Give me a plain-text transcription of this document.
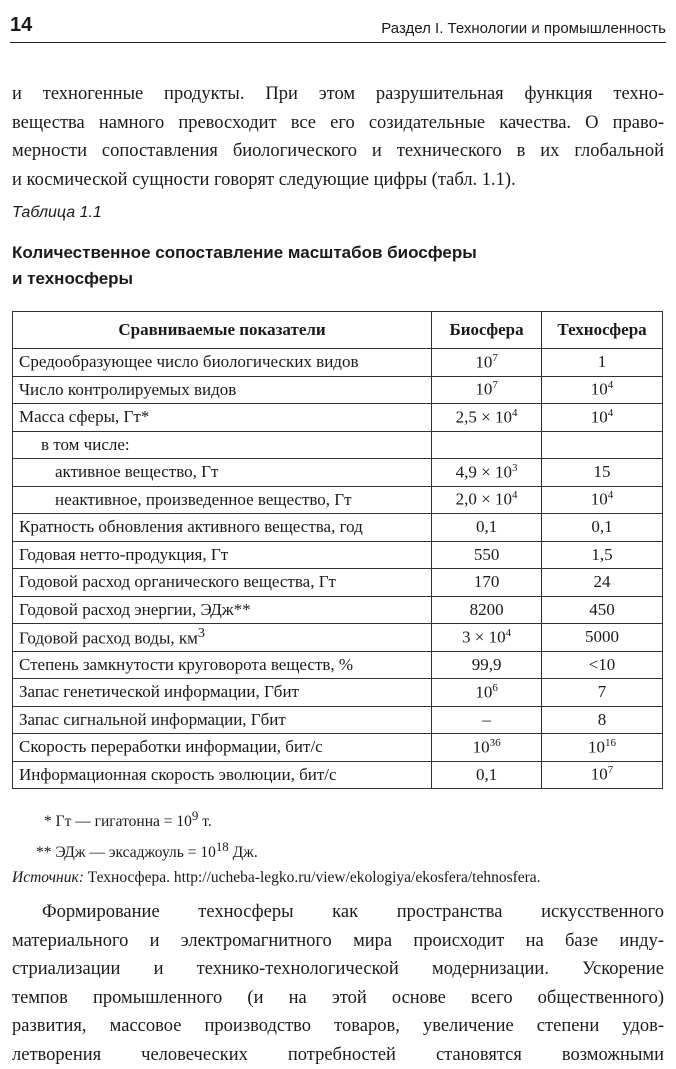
14	Раздел I. Технологии и промышленность
и техногенные продукты. При этом разрушительная функция техно-
вещества намного превосходит все его созидательные качества. О право-
мерности сопоставления биологического и технического в их глобальной
и космической сущности говорят следующие цифры (табл. 1.1).
Таблица 1.1
Количественное сопоставление масштабов биосферы
и техносферы
Сравниваемые показатели	Биосфера	Техносфера
Средообразующее число биологических видов	$10^7$	1
Число контролируемых видов	$10^7$	$10^4$
Масса сферы, Гт*	$2,5 \times 10^4$	$10^4$
в том числе:		
активное вещество, Гт	$4,9 \times 10^3$	15
неактивное, произведенное вещество, Гт	$2,0 \times 10^4$	$10^4$
Кратность обновления активного вещества, год	0,1	0,1
Годовая нетто-продукция, Гт	550	1,5
Годовой расход органического вещества, Гт	170	24
Годовой расход энергии, ЭДж**	8200	450
Годовой расход воды, $км^3$	$3 \times 10^4$	5000
Степень замкнутости круговорота веществ, %	99,9	<10
Запас генетической информации, Гбит	$10^6$	7
Запас сигнальной информации, Гбит	–	8
Скорость переработки информации, бит/с	$10^{36}$	$10^{16}$
Информационная скорость эволюции, бит/с	0,1	$10^7$
* Гт — гигатонна = $10^9$ т.
** ЭДж — эксаджоуль = $10^{18}$ Дж.
Источник: Техносфера. http://ucheba-legko.ru/view/ekologiya/ekosfera/tehnosfera.
Формирование техносферы как пространства искусственного
материального и электромагнитного мира происходит на базе инду-
стриализации и технико-технологической модернизации. Ускорение
темпов промышленного (и на этой основе всего общественного)
развития, массовое производство товаров, увеличение степени удов-
летворения человеческих потребностей становятся возможными
